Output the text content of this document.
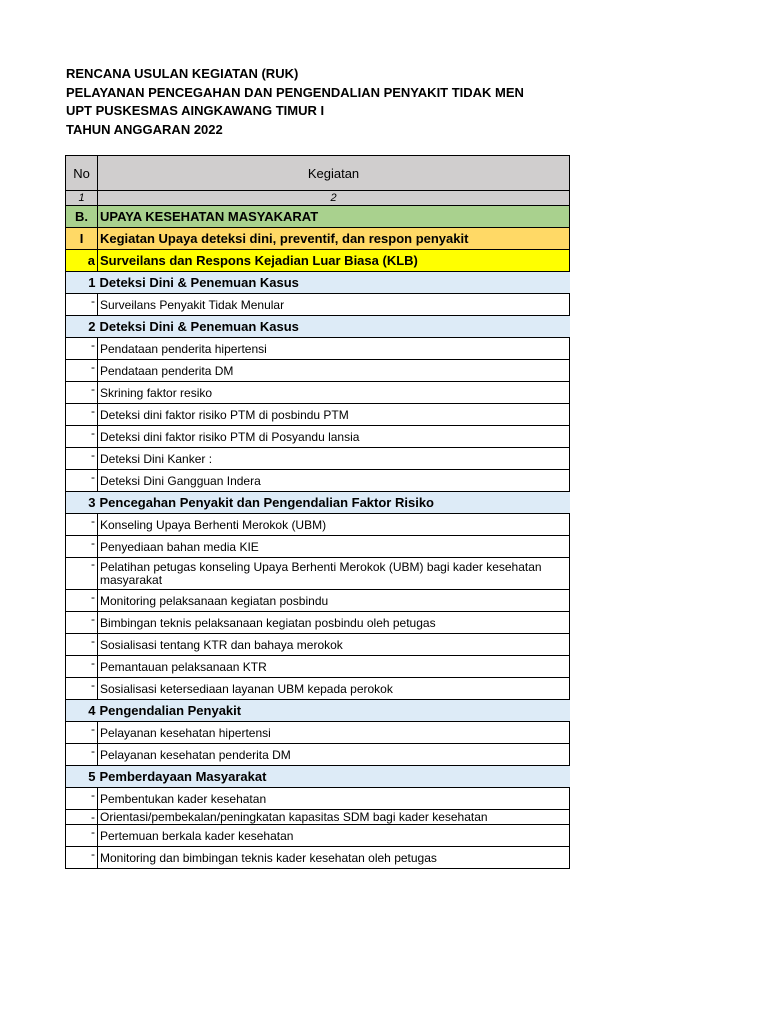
RENCANA USULAN KEGIATAN (RUK)
PELAYANAN PENCEGAHAN DAN PENGENDALIAN PENYAKIT TIDAK MEN
UPT PUSKESMAS AINGKAWANG TIMUR I
TAHUN ANGGARAN 2022
No	Kegiatan
1	2
B.	UPAYA KESEHATAN MASYAKARAT
I	Kegiatan Upaya deteksi dini, preventif, dan respon penyakit
a	Surveilans dan Respons Kejadian Luar Biasa (KLB)
1	Deteksi Dini & Penemuan Kasus
-	Surveilans Penyakit Tidak Menular
2	Deteksi Dini & Penemuan Kasus
-	Pendataan penderita hipertensi
-	Pendataan penderita DM
-	Skrining faktor resiko
-	Deteksi dini faktor risiko PTM di posbindu PTM
-	Deteksi dini faktor risiko PTM di Posyandu lansia
-	Deteksi Dini Kanker :
-	Deteksi Dini Gangguan Indera
3	Pencegahan Penyakit dan Pengendalian Faktor Risiko
-	Konseling Upaya Berhenti Merokok (UBM)
-	Penyediaan bahan media KIE
-	Pelatihan petugas konseling Upaya Berhenti Merokok (UBM) bagi kader kesehatan masyarakat
-	Monitoring pelaksanaan kegiatan posbindu
-	Bimbingan teknis pelaksanaan kegiatan posbindu oleh petugas
-	Sosialisasi tentang KTR dan bahaya merokok
-	Pemantauan pelaksanaan KTR
-	Sosialisasi ketersediaan layanan UBM kepada perokok
4	Pengendalian Penyakit
-	Pelayanan kesehatan hipertensi
-	Pelayanan kesehatan penderita DM
5	Pemberdayaan Masyarakat
-	Pembentukan kader kesehatan
-	Orientasi/pembekalan/peningkatan kapasitas SDM bagi kader kesehatan
-	Pertemuan berkala kader kesehatan
-	Monitoring dan bimbingan teknis kader kesehatan oleh petugas
